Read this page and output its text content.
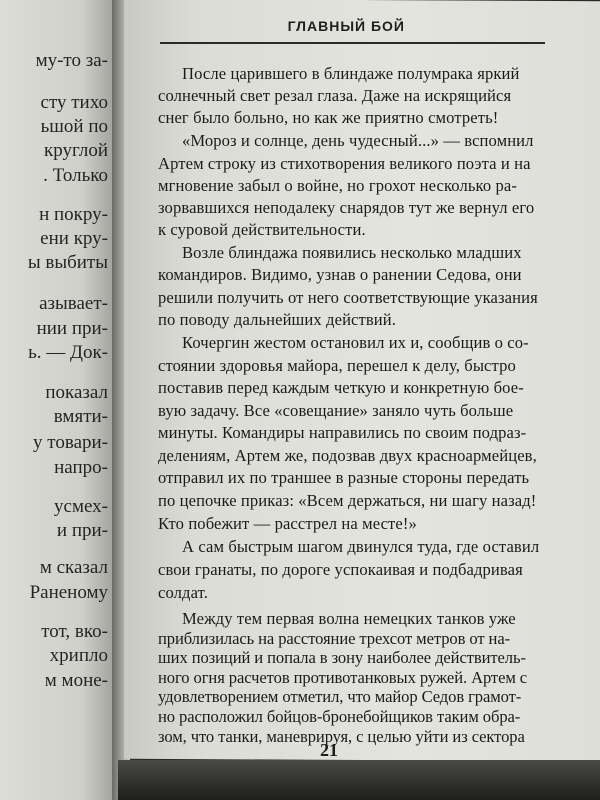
му-то за-
сту тихо
ьшой по
круглой
. Только
н покру-
ени кру-
ы выбиты
азывает-
нии при-
ь. — Док-
показал
вмяти-
у товари-
напро-
усмех-
и при-
м сказал
Раненому
тот, вко-
хрипло
м моне-
ГЛАВНЫЙ БОЙ
После царившего в блиндаже полумрака яркий
солнечный свет резал глаза. Даже на искрящийся
снег было больно, но как же приятно смотреть!
«Мороз и солнце, день чудесный...» — вспомнил
Артем строку из стихотворения великого поэта и на
мгновение забыл о войне, но грохот несколько ра-
зорвавшихся неподалеку снарядов тут же вернул его
к суровой действительности.
Возле блиндажа появились несколько младших
командиров. Видимо, узнав о ранении Седова, они
решили получить от него соответствующие указания
по поводу дальнейших действий.
Кочергин жестом остановил их и, сообщив о со-
стоянии здоровья майора, перешел к делу, быстро
поставив перед каждым четкую и конкретную бое-
вую задачу. Все «совещание» заняло чуть больше
минуты. Командиры направились по своим подраз-
делениям, Артем же, подозвав двух красноармейцев,
отправил их по траншее в разные стороны передать
по цепочке приказ: «Всем держаться, ни шагу назад!
Кто побежит — расстрел на месте!»
А сам быстрым шагом двинулся туда, где оставил
свои гранаты, по дороге успокаивая и подбадривая
солдат.
Между тем первая волна немецких танков уже
приблизилась на расстояние трехсот метров от на-
ших позиций и попала в зону наиболее действитель-
ного огня расчетов противотанковых ружей. Артем с
удовлетворением отметил, что майор Седов грамот-
но расположил бойцов-бронебойщиков таким обра-
зом, что танки, маневрируя, с целью уйти из сектора
21
